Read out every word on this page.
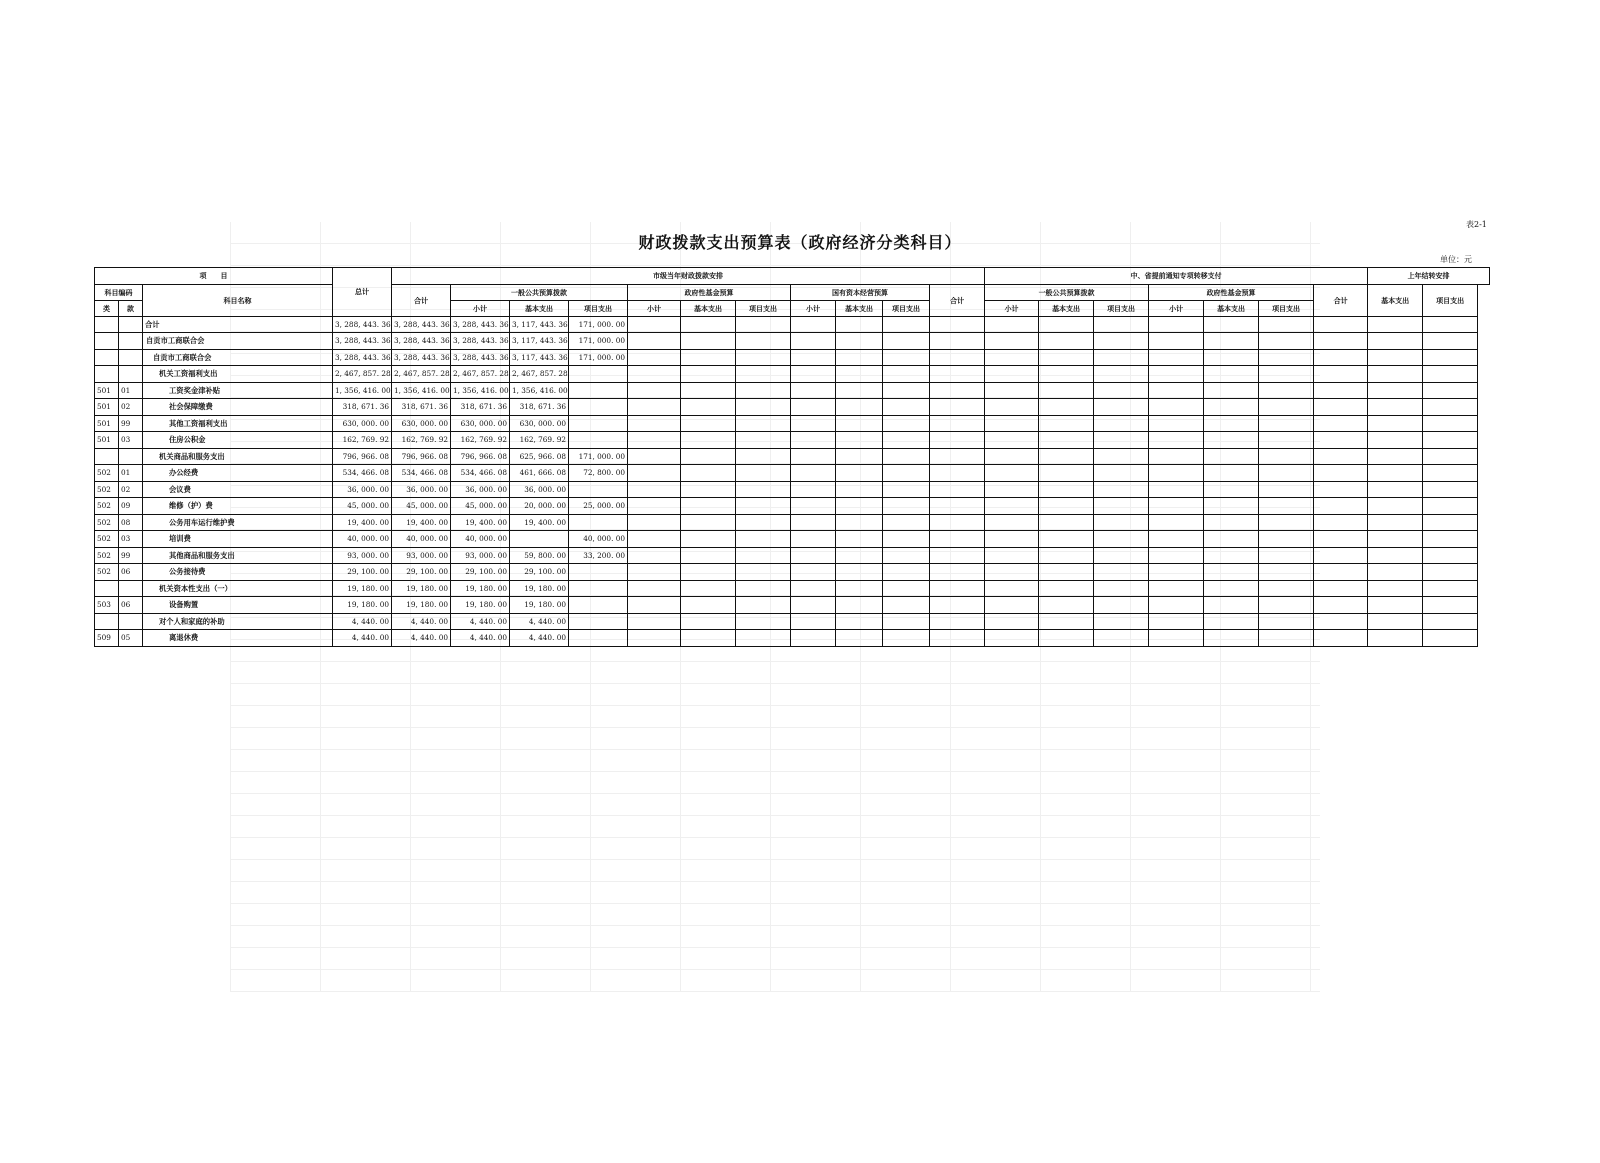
表2-1
财政拨款支出预算表（政府经济分类科目）
单位：元
项　　目			总计	市级当年财政拨款安排											中、省提前通知专项转移支付							上年结转安排	
科目编码		科目名称		合计	一般公共预算拨款			政府性基金预算			国有资本经营预算			合计	一般公共预算拨款			政府性基金预算			合计	基本支出	项目支出
类	款				小计	基本支出	项目支出	小计	基本支出	项目支出	小计	基本支出	项目支出		小计	基本支出	项目支出	小计	基本支出	项目支出			
		合计	3, 288, 443. 36	3, 288, 443. 36	3, 288, 443. 36	3, 117, 443. 36	171, 000. 00																
		自贡市工商联合会	3, 288, 443. 36	3, 288, 443. 36	3, 288, 443. 36	3, 117, 443. 36	171, 000. 00																
		自贡市工商联合会	3, 288, 443. 36	3, 288, 443. 36	3, 288, 443. 36	3, 117, 443. 36	171, 000. 00																
		机关工资福利支出	2, 467, 857. 28	2, 467, 857. 28	2, 467, 857. 28	2, 467, 857. 28																	
501	01	工资奖金津补贴	1, 356, 416. 00	1, 356, 416. 00	1, 356, 416. 00	1, 356, 416. 00																	
501	02	社会保障缴费	318, 671. 36	318, 671. 36	318, 671. 36	318, 671. 36																	
501	99	其他工资福利支出	630, 000. 00	630, 000. 00	630, 000. 00	630, 000. 00																	
501	03	住房公积金	162, 769. 92	162, 769. 92	162, 769. 92	162, 769. 92																	
		机关商品和服务支出	796, 966. 08	796, 966. 08	796, 966. 08	625, 966. 08	171, 000. 00																
502	01	办公经费	534, 466. 08	534, 466. 08	534, 466. 08	461, 666. 08	72, 800. 00																
502	02	会议费	36, 000. 00	36, 000. 00	36, 000. 00	36, 000. 00																	
502	09	维修（护）费	45, 000. 00	45, 000. 00	45, 000. 00	20, 000. 00	25, 000. 00																
502	08	公务用车运行维护费	19, 400. 00	19, 400. 00	19, 400. 00	19, 400. 00																	
502	03	培训费	40, 000. 00	40, 000. 00	40, 000. 00		40, 000. 00																
502	99	其他商品和服务支出	93, 000. 00	93, 000. 00	93, 000. 00	59, 800. 00	33, 200. 00																
502	06	公务接待费	29, 100. 00	29, 100. 00	29, 100. 00	29, 100. 00																	
		机关资本性支出（一）	19, 180. 00	19, 180. 00	19, 180. 00	19, 180. 00																	
503	06	设备购置	19, 180. 00	19, 180. 00	19, 180. 00	19, 180. 00																	
		对个人和家庭的补助	4, 440. 00	4, 440. 00	4, 440. 00	4, 440. 00																	
509	05	离退休费	4, 440. 00	4, 440. 00	4, 440. 00	4, 440. 00																	
